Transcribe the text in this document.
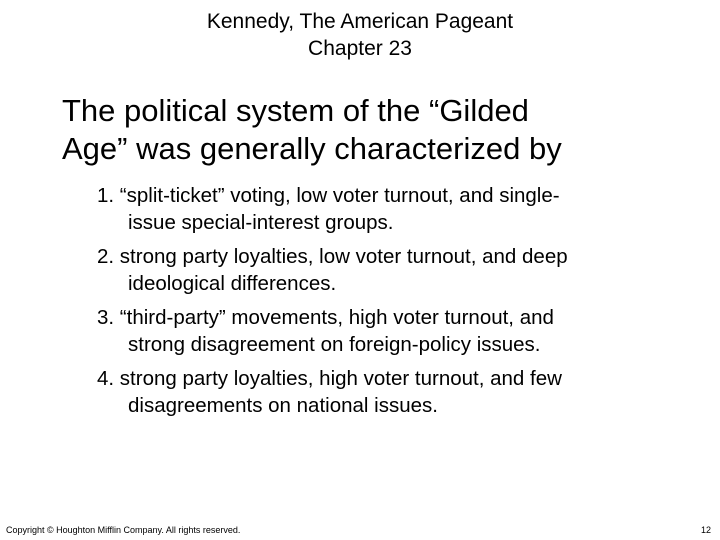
Kennedy, The American Pageant
Chapter 23
The political system of the “Gilded
Age” was generally characterized by
1. “split-ticket” voting, low voter turnout, and single-
issue special-interest groups.
2. strong party loyalties, low voter turnout, and deep
ideological differences.
3. “third-party” movements, high voter turnout, and
strong disagreement on foreign-policy issues.
4. strong party loyalties, high voter turnout, and few
disagreements on national issues.
Copyright © Houghton Mifflin Company. All rights reserved.	12
